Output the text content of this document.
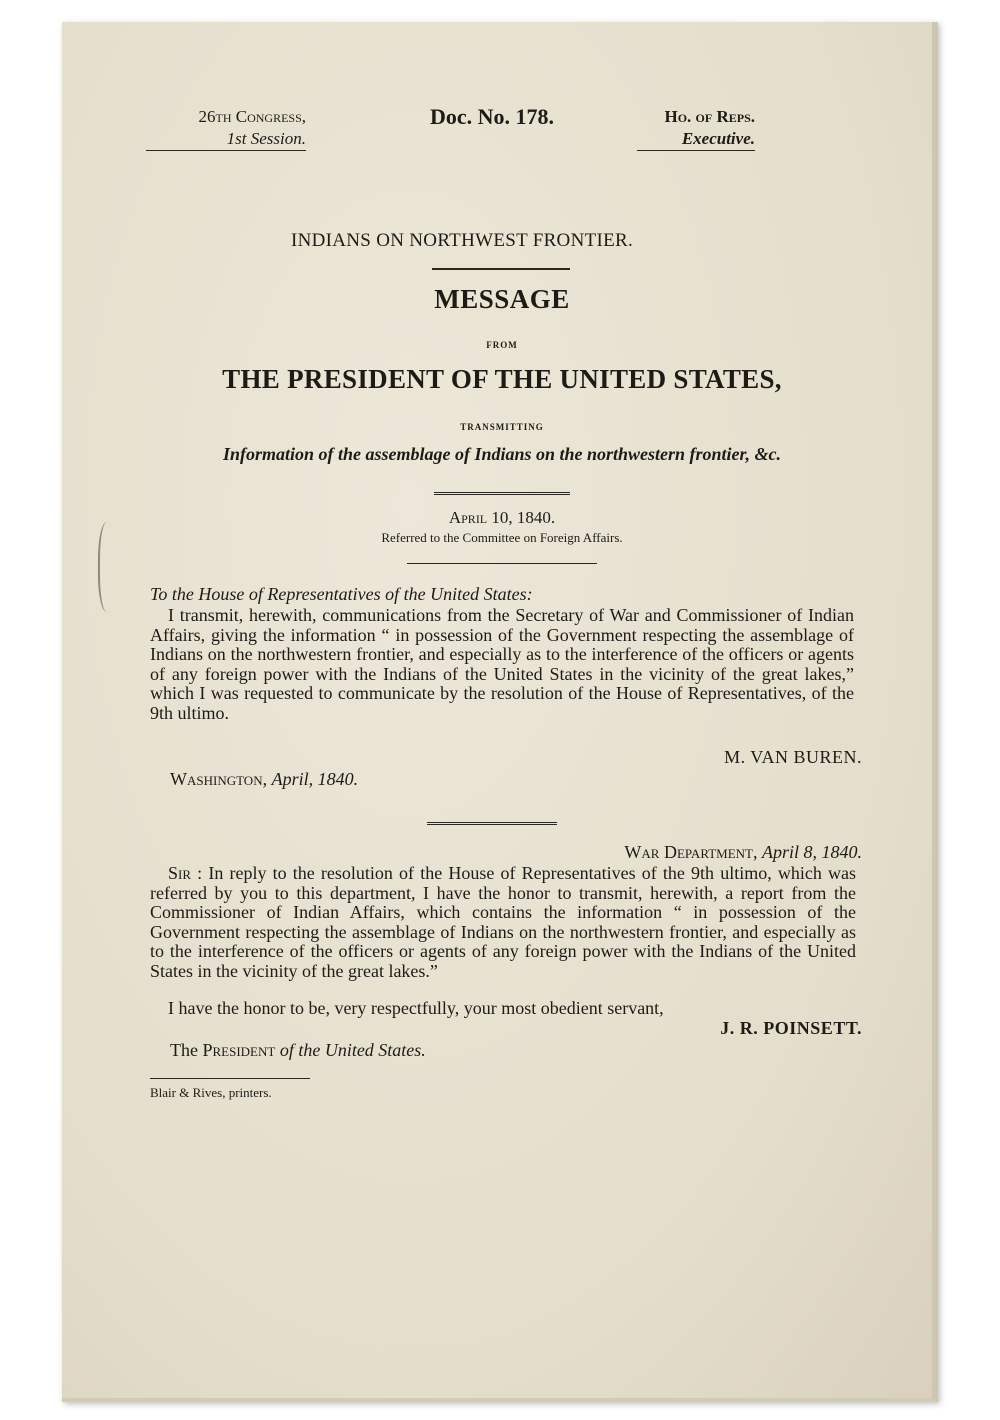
26th Congress,
1st Session.
Doc. No. 178.	Ho. of Reps.
Executive.
INDIANS ON NORTHWEST FRONTIER.
MESSAGE
FROM
THE PRESIDENT OF THE UNITED STATES,
TRANSMITTING
Information of the assemblage of Indians on the northwestern frontier, &c.
April 10, 1840.
Referred to the Committee on Foreign Affairs.
To the House of Representatives of the United States:

I transmit, herewith, communications from the Secretary of War and Commissioner of Indian Affairs, giving the information “ in possession of the Government respecting the assemblage of Indians on the northwestern frontier, and especially as to the interference of the officers or agents of any foreign power with the Indians of the United States in the vicinity of the great lakes,” which I was requested to communicate by the resolution of the House of Representatives, of the 9th ultimo.

M. VAN BUREN.
Washington, April, 1840.
War Department, April 8, 1840.

Sir : In reply to the resolution of the House of Representatives of the 9th ultimo, which was referred by you to this department, I have the honor to transmit, herewith, a report from the Commissioner of Indian Affairs, which contains the information “ in possession of the Government respecting the assemblage of Indians on the northwestern frontier, and especially as to the interference of the officers or agents of any foreign power with the Indians of the United States in the vicinity of the great lakes.”

I have the honor to be, very respectfully, your most obedient servant,
J. R. POINSETT.
The President of the United States.
Blair & Rives, printers.
